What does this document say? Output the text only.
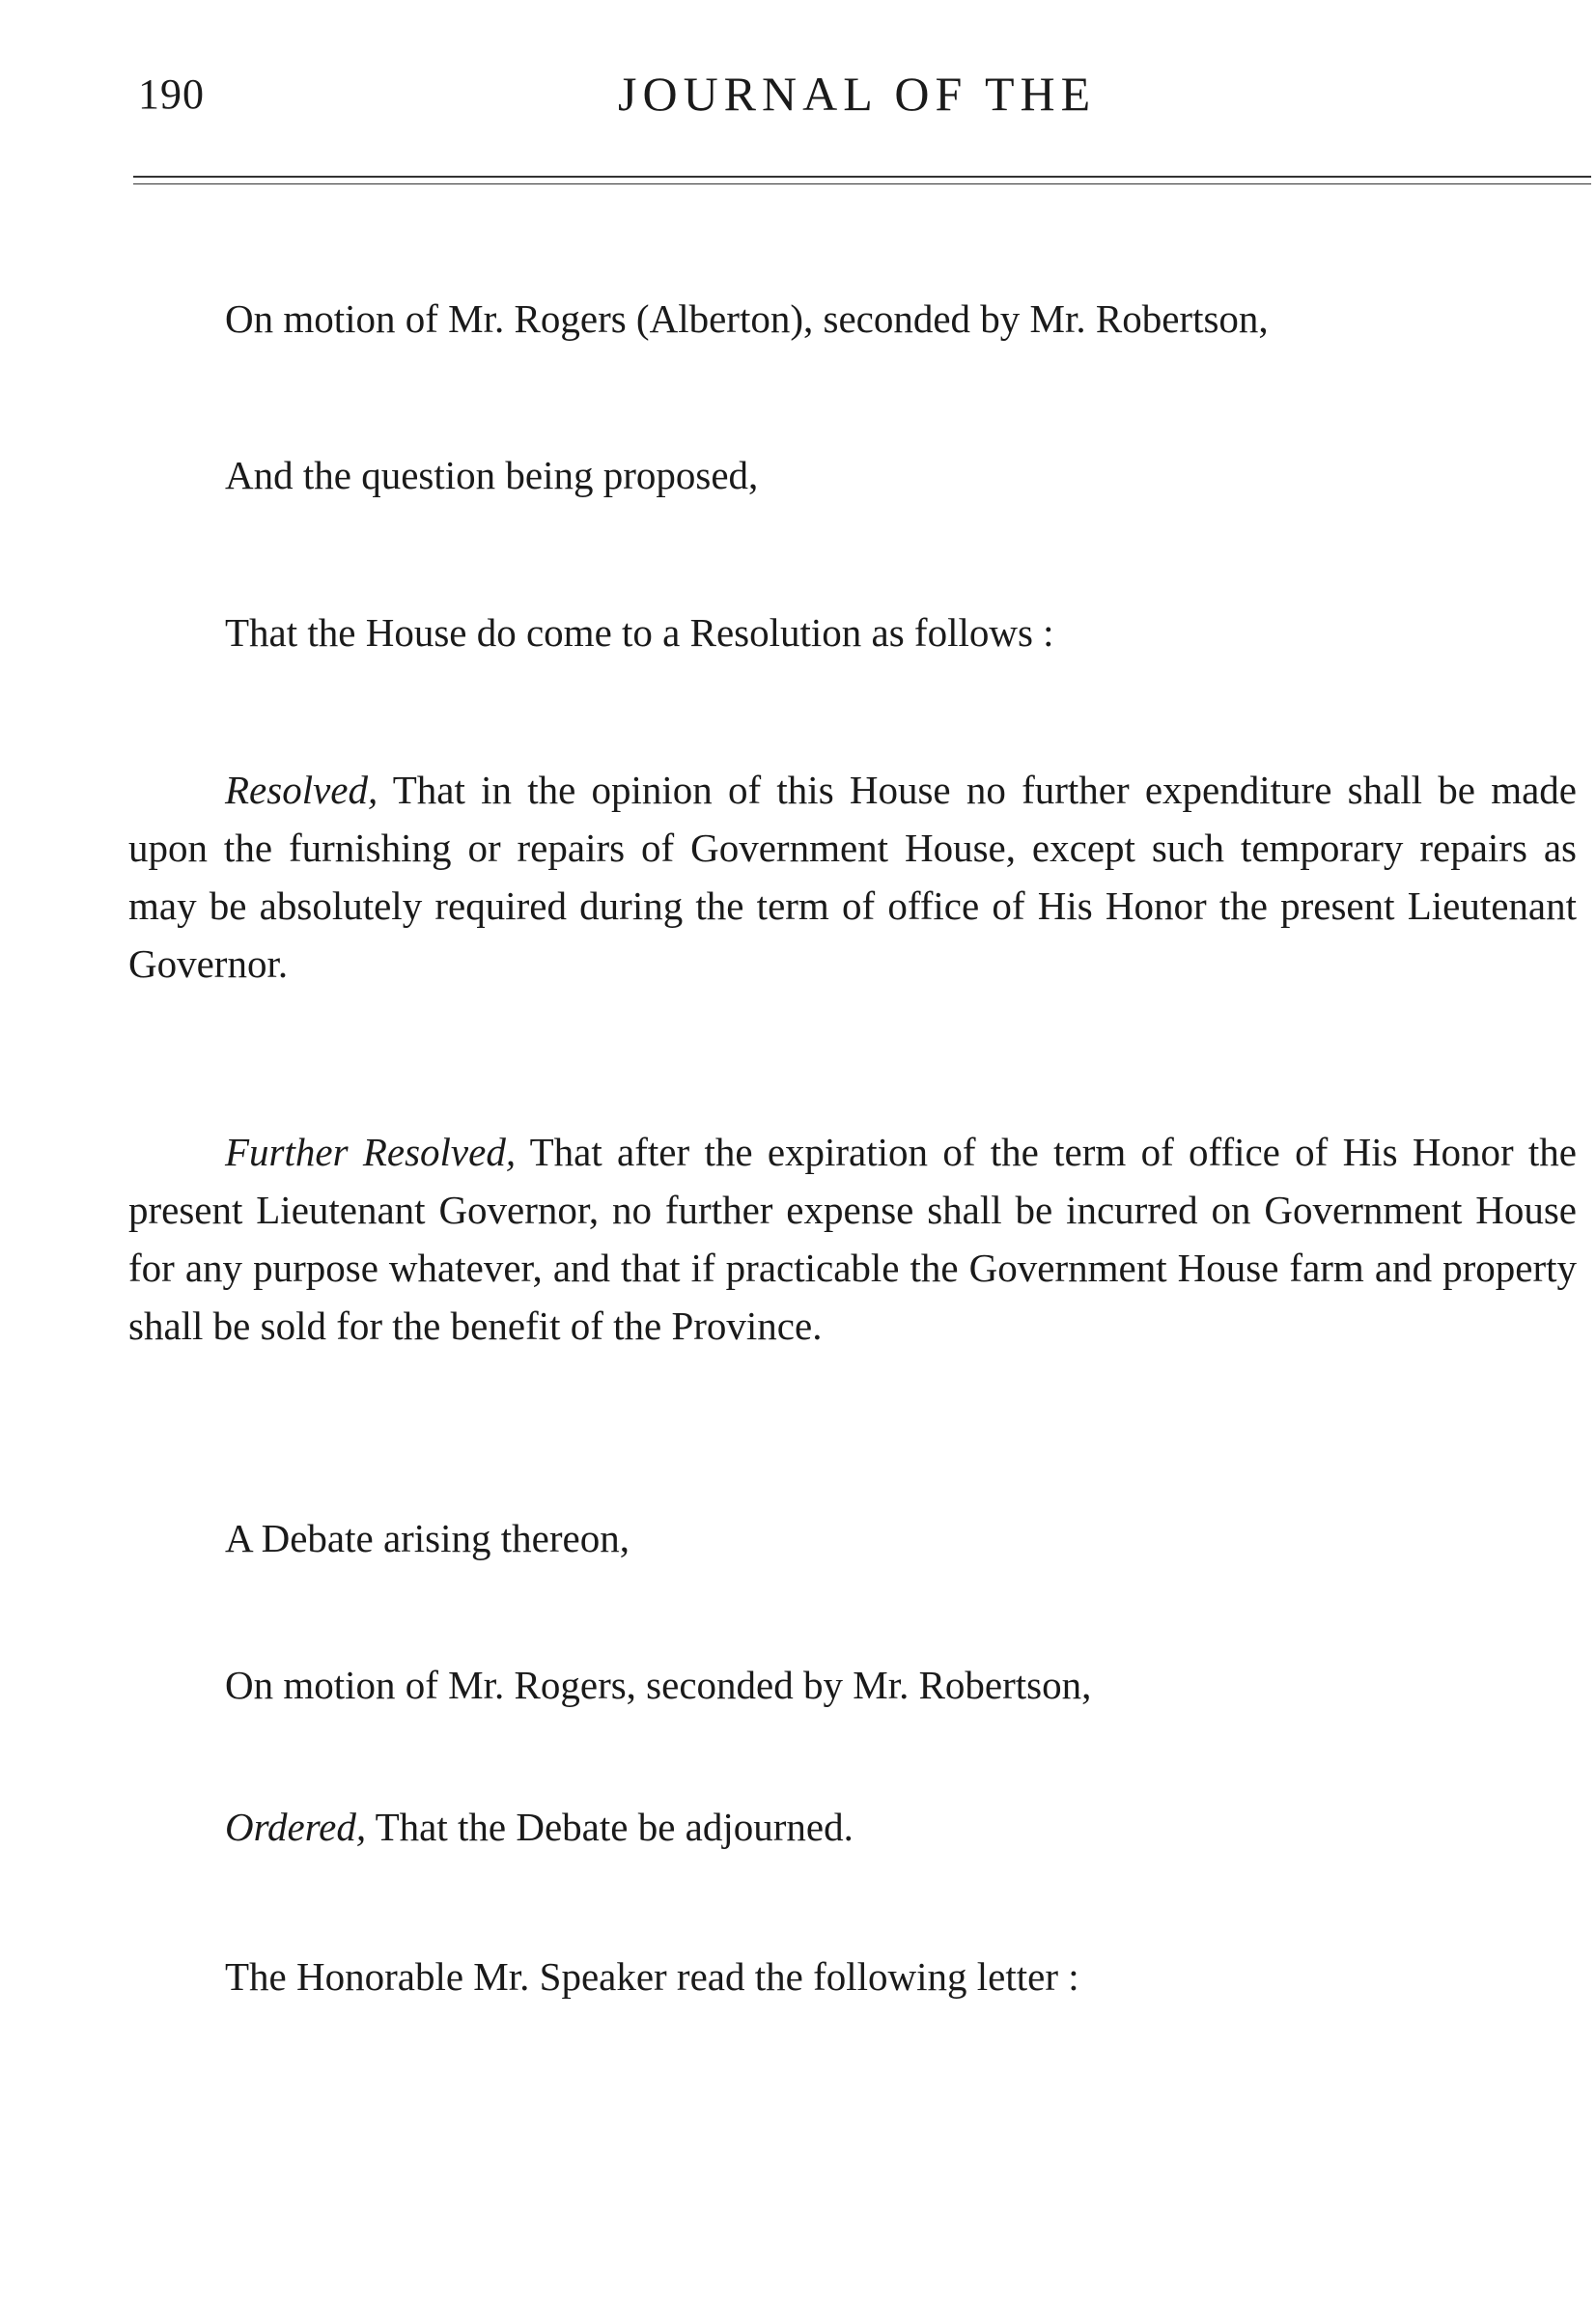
190	JOURNAL OF THE
On motion of Mr. Rogers (Alberton), seconded by Mr. Robertson,
And the question being proposed,
That the House do come to a Resolution as follows :
Resolved, That in the opinion of this House no further expenditure shall be made upon the furnishing or repairs of Government House, except such temporary repairs as may be absolutely required during the term of office of His Honor the present Lieutenant Governor.
Further Resolved, That after the expiration of the term of office of His Honor the present Lieutenant Governor, no further expense shall be incurred on Government House for any purpose whatever, and that if practicable the Government House farm and property shall be sold for the benefit of the Province.
A Debate arising thereon,
On motion of Mr. Rogers, seconded by Mr. Robertson,
Ordered, That the Debate be adjourned.
The Honorable Mr. Speaker read the following letter :
